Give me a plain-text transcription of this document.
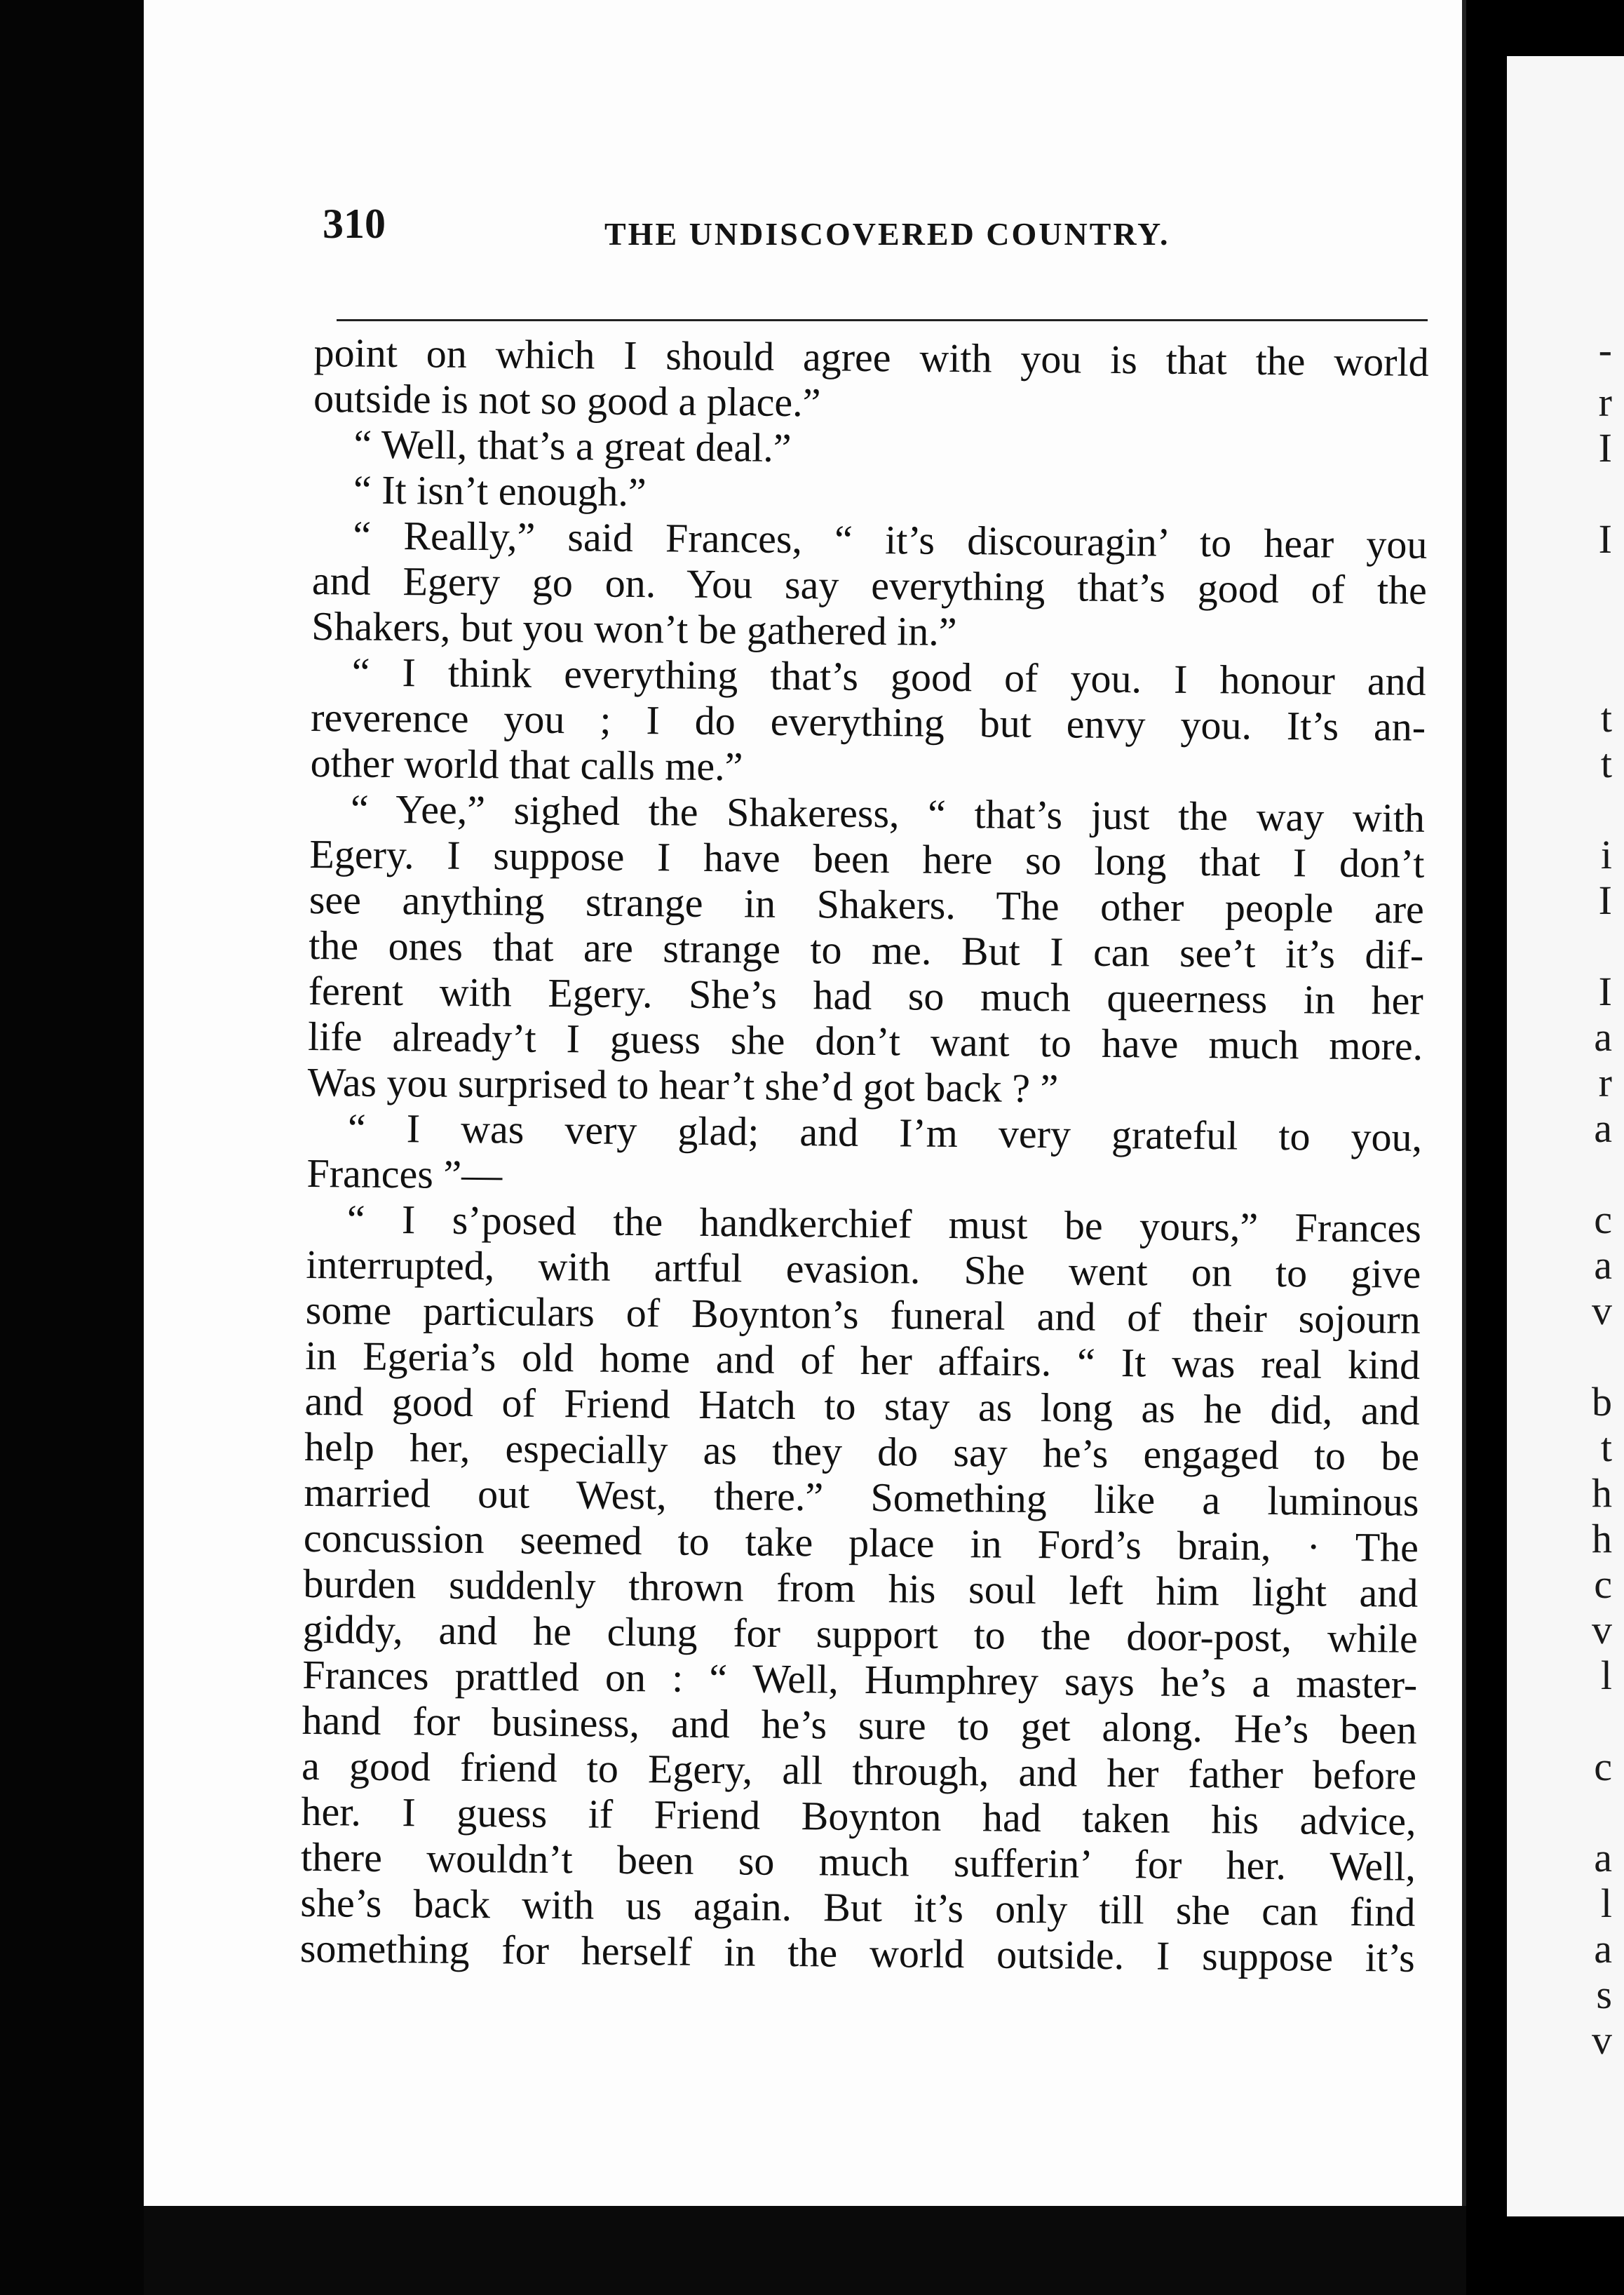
-
r
I
I
t
t
i
I
I
a
r
a
c
a
v
b
t
h
h
c
v
l
c
a
l
a
s
v
310	THE UNDISCOVERED COUNTRY.
point on which I should agree with you is that the world
outside is not so good a place.”
“ Well, that’s a great deal.”
“ It isn’t enough.”
“ Really,” said Frances, “ it’s discouragin’ to hear you
and Egery go on. You say everything that’s good of the
Shakers, but you won’t be gathered in.”
“ I think everything that’s good of you. I honour and
reverence you ; I do everything but envy you. It’s an-
other world that calls me.”
“ Yee,” sighed the Shakeress, “ that’s just the way with
Egery. I suppose I have been here so long that I don’t
see anything strange in Shakers. The other people are
the ones that are strange to me. But I can see’t it’s dif-
ferent with Egery. She’s had so much queerness in her
life already’t I guess she don’t want to have much more.
Was you surprised to hear’t she’d got back ? ”
“ I was very glad; and I’m very grateful to you,
Frances ”—
“ I s’posed the handkerchief must be yours,” Frances
interrupted, with artful evasion. She went on to give
some particulars of Boynton’s funeral and of their sojourn
in Egeria’s old home and of her affairs. “ It was real kind
and good of Friend Hatch to stay as long as he did, and
help her, especially as they do say he’s engaged to be
married out West, there.” Something like a luminous
concussion seemed to take place in Ford’s brain, · The
burden suddenly thrown from his soul left him light and
giddy, and he clung for support to the door-post, while
Frances prattled on : “ Well, Humphrey says he’s a master-
hand for business, and he’s sure to get along. He’s been
a good friend to Egery, all through, and her father before
her. I guess if Friend Boynton had taken his advice,
there wouldn’t been so much sufferin’ for her. Well,
she’s back with us again. But it’s only till she can find
something for herself in the world outside. I suppose it’s
